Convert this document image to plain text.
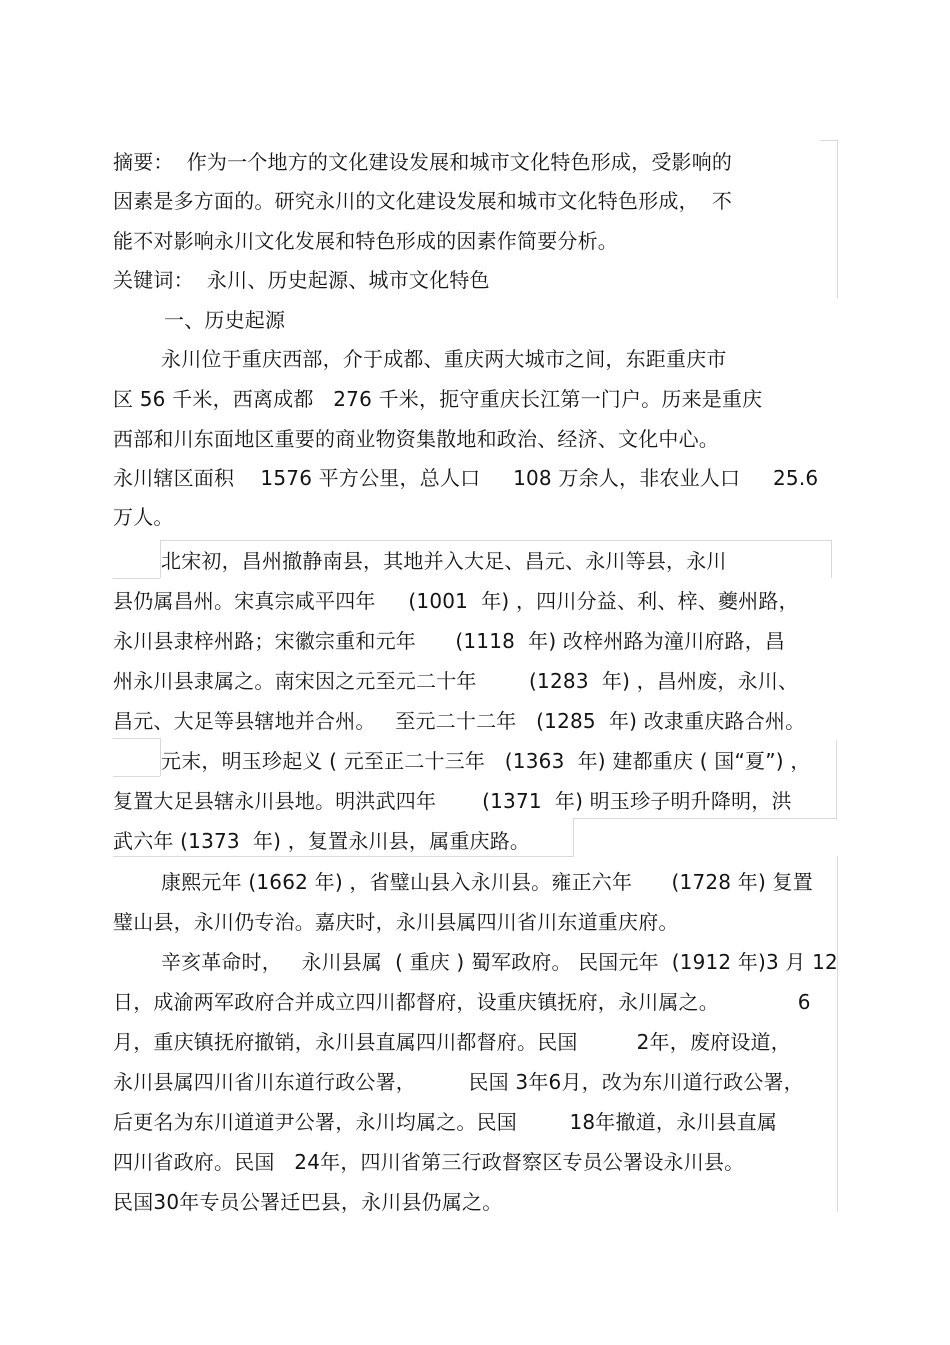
摘要：  作为一个地方的文化建设发展和城市文化特色形成，受影响的
因素是多方面的。研究永川的文化建设发展和城市文化特色形成，  不
能不对影响永川文化发展和特色形成的因素作简要分析。
关键词：  永川、历史起源、城市文化特色
一、历史起源
永川位于重庆西部，介于成都、重庆两大城市之间，东距重庆市
区 56 千米，西离成都   276 千米，扼守重庆长江第一门户。历来是重庆
西部和川东面地区重要的商业物资集散地和政治、经济、文化中心。
永川辖区面积    1576 平方公里，总人口     108 万余人，非农业人口     25.6
万人。
北宋初，昌州撤静南县，其地并入大足、昌元、永川等县，永川
县仍属昌州。宋真宗咸平四年     (1001  年) ，四川分益、利、梓、夔州路，
永川县隶梓州路；宋徽宗重和元年      (1118  年) 改梓州路为潼川府路，昌
州永川县隶属之。南宋因之元至元二十年        (1283  年) ，昌州废，永川、
昌元、大足等县辖地并合州。   至元二十二年   (1285  年) 改隶重庆路合州。
元末，明玉珍起义 ( 元至正二十三年   (1363  年) 建都重庆 ( 国“夏”) ，
复置大足县辖永川县地。明洪武四年       (1371  年) 明玉珍子明升降明，洪
武六年 (1373  年) ，复置永川县，属重庆路。
康熙元年 (1662 年) ，省璧山县入永川县。雍正六年      (1728 年) 复置
璧山县，永川仍专治。嘉庆时，永川县属四川省川东道重庆府。
辛亥革命时，   永川县属  ( 重庆 ) 蜀军政府。 民国元年  (1912 年)3 月 12
日，成渝两军政府合并成立四川都督府，设重庆镇抚府，永川属之。            6
月，重庆镇抚府撤销，永川县直属四川都督府。民国         2年，废府设道，
永川县属四川省川东道行政公署，        民国 3年6月，改为东川道行政公署，
后更名为东川道道尹公署，永川均属之。民国        18年撤道，永川县直属
四川省政府。民国   24年，四川省第三行政督察区专员公署设永川县。
民国30年专员公署迁巴县，永川县仍属之。
